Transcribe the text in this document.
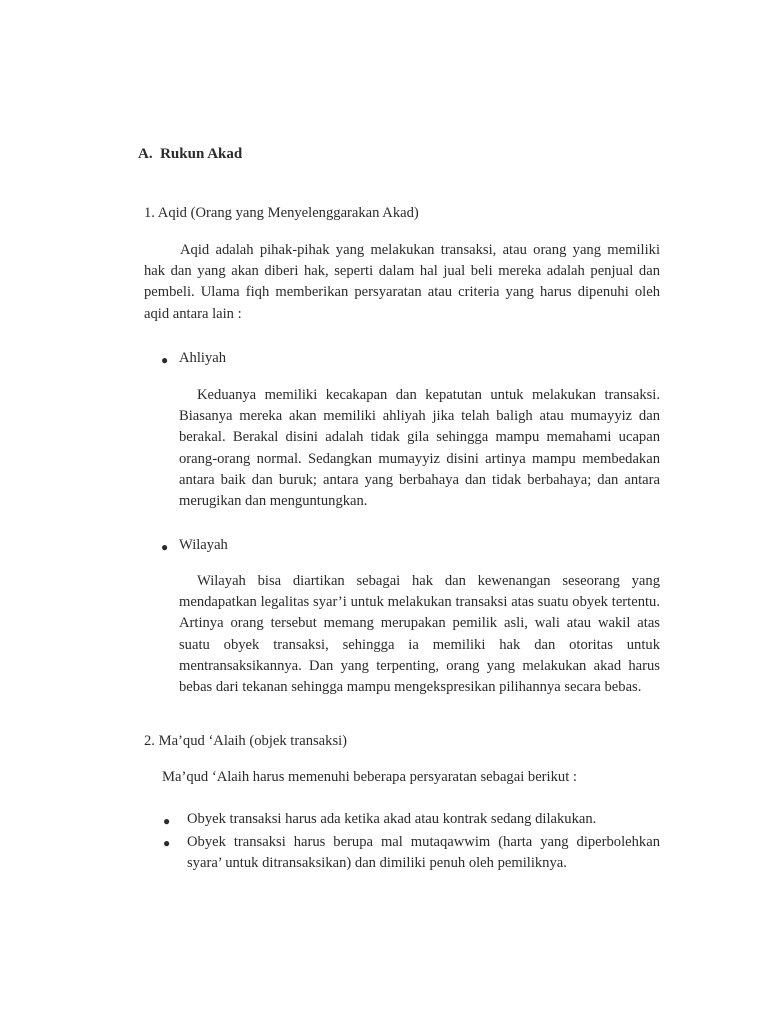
A. Rukun Akad
1. Aqid (Orang yang Menyelenggarakan Akad)

Aqid adalah pihak-pihak yang melakukan transaksi, atau orang yang memiliki hak dan yang akan diberi hak, seperti dalam hal jual beli mereka adalah penjual dan pembeli. Ulama fiqh memberikan persyaratan atau criteria yang harus dipenuhi oleh aqid antara lain :

● Ahliyah

Keduanya memiliki kecakapan dan kepatutan untuk melakukan transaksi. Biasanya mereka akan memiliki ahliyah jika telah baligh atau mumayyiz dan berakal. Berakal disini adalah tidak gila sehingga mampu memahami ucapan orang-orang normal. Sedangkan mumayyiz disini artinya mampu membedakan antara baik dan buruk; antara yang berbahaya dan tidak berbahaya; dan antara merugikan dan menguntungkan.

● Wilayah

Wilayah bisa diartikan sebagai hak dan kewenangan seseorang yang mendapatkan legalitas syar’i untuk melakukan transaksi atas suatu obyek tertentu. Artinya orang tersebut memang merupakan pemilik asli, wali atau wakil atas suatu obyek transaksi, sehingga ia memiliki hak dan otoritas untuk mentransaksikannya. Dan yang terpenting, orang yang melakukan akad harus bebas dari tekanan sehingga mampu mengekspresikan pilihannya secara bebas.

2. Ma’qud ‘Alaih (objek transaksi)
Ma’qud ‘Alaih harus memenuhi beberapa persyaratan sebagai berikut :
● Obyek transaksi harus ada ketika akad atau kontrak sedang dilakukan.
● Obyek transaksi harus berupa mal mutaqawwim (harta yang diperbolehkan syara’ untuk ditransaksikan) dan dimiliki penuh oleh pemiliknya.
